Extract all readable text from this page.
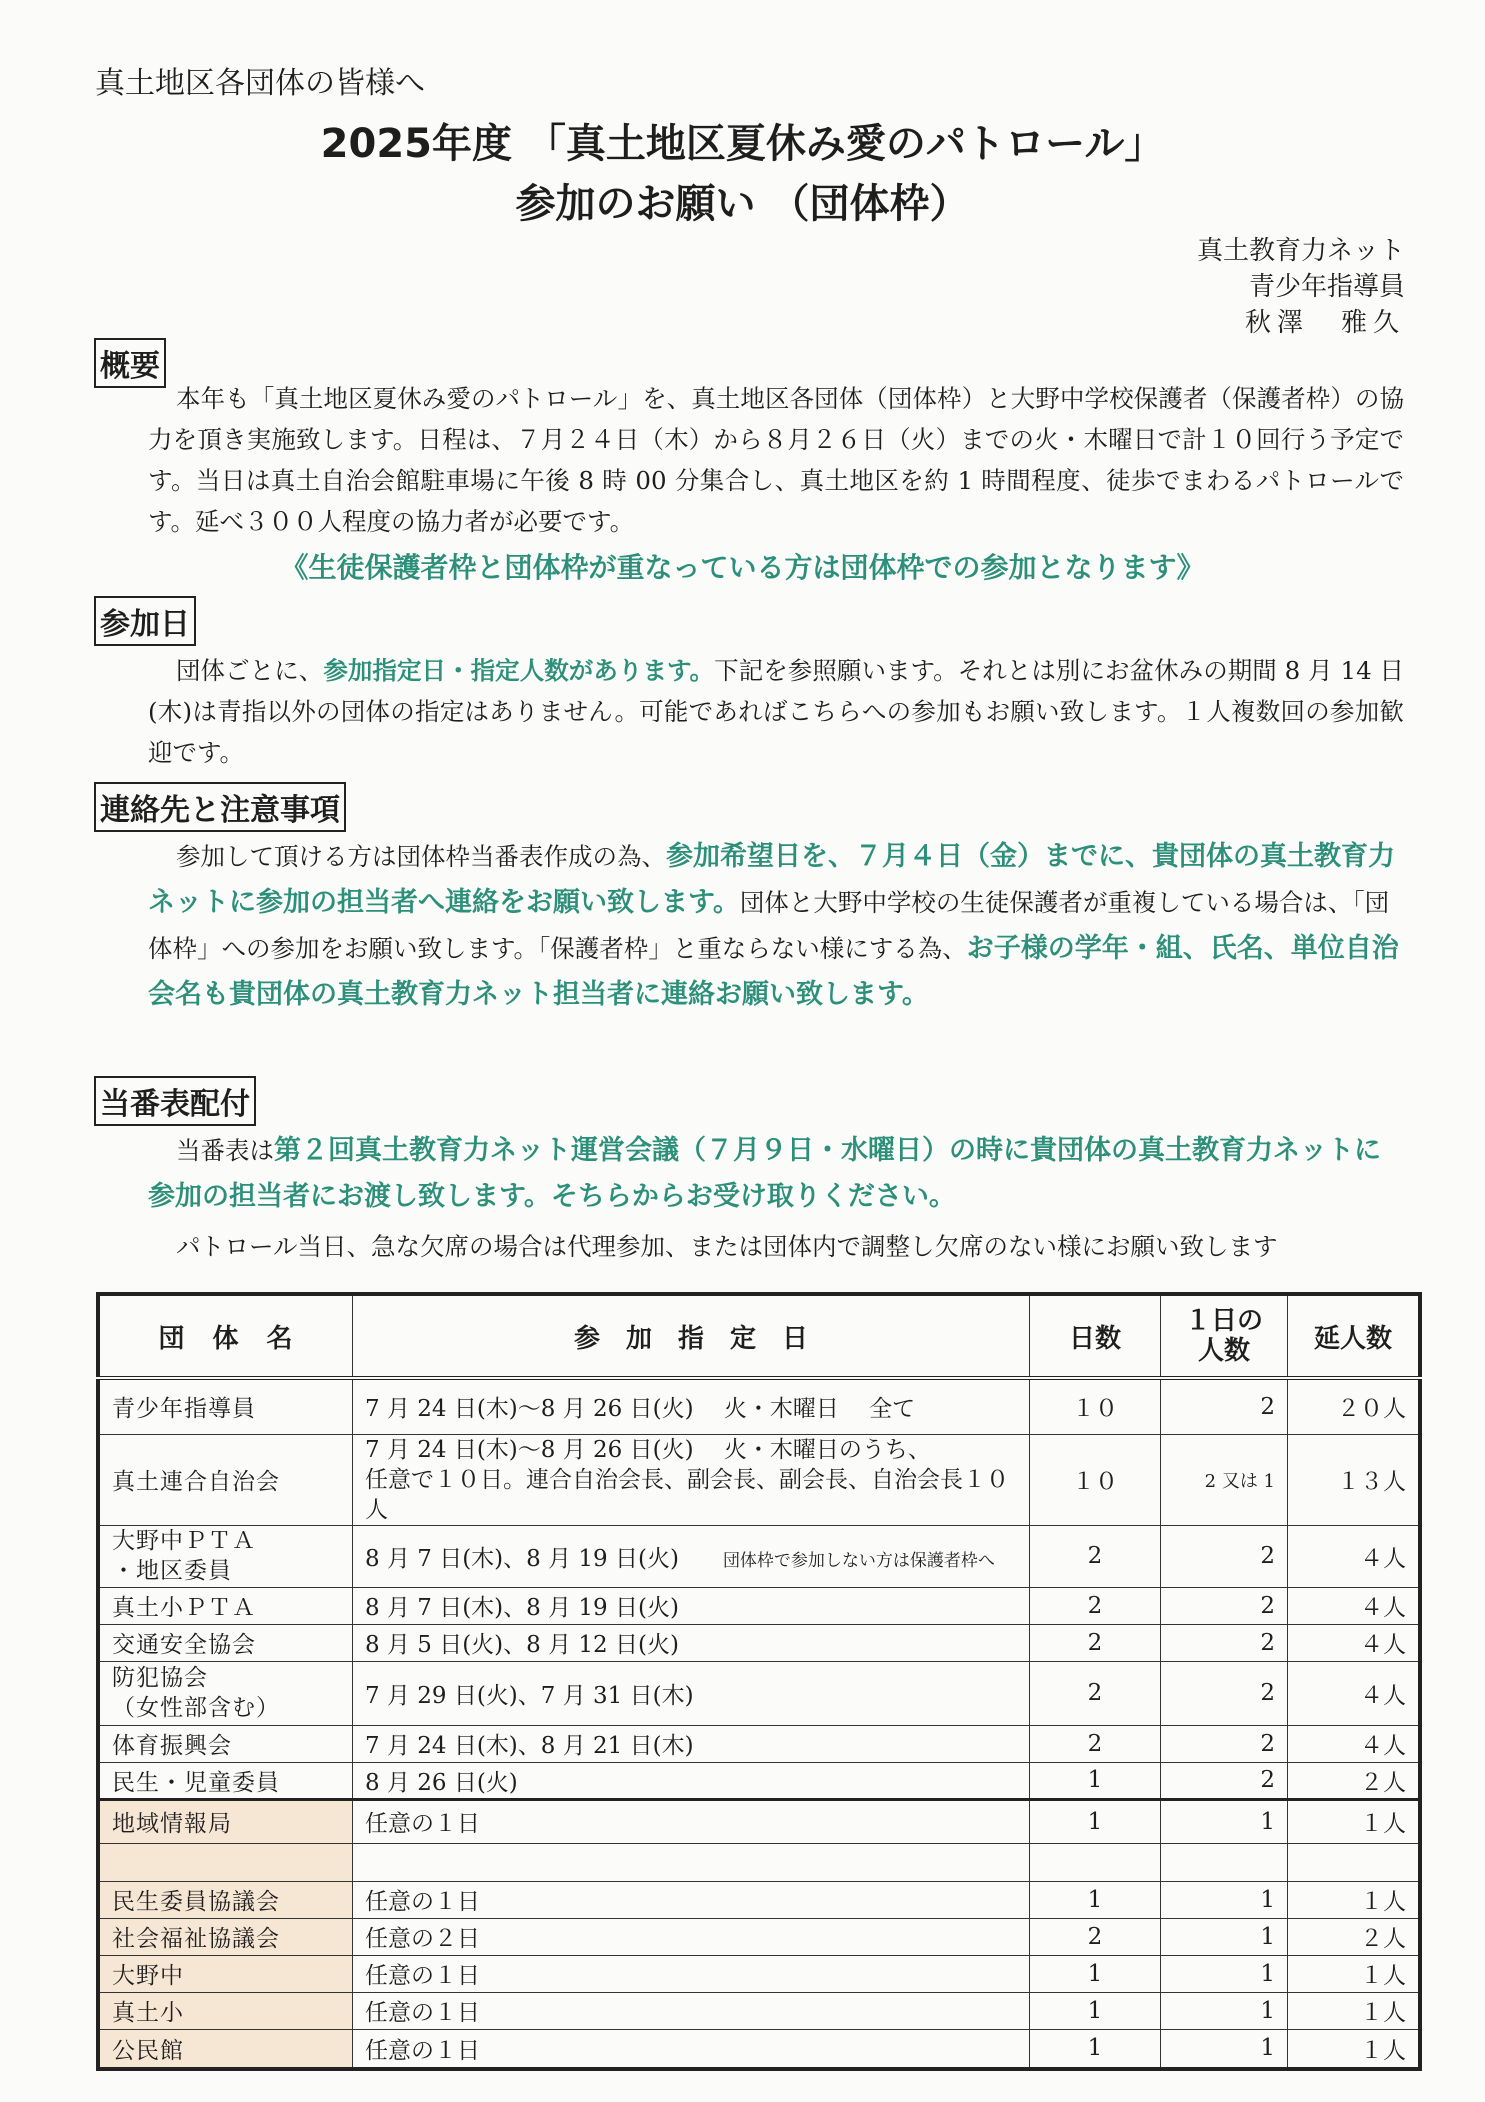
真土地区各団体の皆様へ
2025年度 「真土地区夏休み愛のパトロール」
参加のお願い （団体枠）
真土教育力ネット
青少年指導員
秋澤　雅久
概要
本年も「真土地区夏休み愛のパトロール」を、真土地区各団体（団体枠）と大野中学校保護者（保護者枠）の協力を頂き実施致します。日程は、７月２４日（木）から８月２６日（火）までの火・木曜日で計１０回行う予定です。当日は真土自治会館駐車場に午後 8 時 00 分集合し、真土地区を約 1 時間程度、徒歩でまわるパトロールです。延べ３００人程度の協力者が必要です。
《生徒保護者枠と団体枠が重なっている方は団体枠での参加となります》
参加日
団体ごとに、参加指定日・指定人数があります。下記を参照願います。それとは別にお盆休みの期間 8 月 14 日(木)は青指以外の団体の指定はありません。可能であればこちらへの参加もお願い致します。１人複数回の参加歓迎です。
連絡先と注意事項
参加して頂ける方は団体枠当番表作成の為、参加希望日を、７月４日（金）までに、貴団体の真土教育力ネットに参加の担当者へ連絡をお願い致します。団体と大野中学校の生徒保護者が重複している場合は、「団体枠」への参加をお願い致します。「保護者枠」と重ならない様にする為、お子様の学年・組、氏名、単位自治会名も貴団体の真土教育力ネット担当者に連絡お願い致します。
当番表配付
当番表は第２回真土教育力ネット運営会議（７月９日・水曜日）の時に貴団体の真土教育力ネットに参加の担当者にお渡し致します。そちらからお受け取りください。
パトロール当日、急な欠席の場合は代理参加、または団体内で調整し欠席のない様にお願い致します
団　体　名	参　加　指　定　日	日数	１日の
人数	延人数
青少年指導員	7 月 24 日(木)～8 月 26 日(火)　 火・木曜日　 全て	１０	2	２０人
真土連合自治会	7 月 24 日(木)～8 月 26 日(火)　 火・木曜日のうち、
任意で１０日。連合自治会長、副会長、副会長、自治会長１０人	１０	2 又は 1	１３人
大野中ＰＴＡ
・地区委員	8 月 7 日(木)、8 月 19 日(火) 団体枠で参加しない方は保護者枠へ	2	2	４人
真土小ＰＴＡ	8 月 7 日(木)、8 月 19 日(火)	2	2	４人
交通安全協会	8 月 5 日(火)、8 月 12 日(火)	2	2	４人
防犯協会
（女性部含む）	7 月 29 日(火)、7 月 31 日(木)	2	2	４人
体育振興会	7 月 24 日(木)、8 月 21 日(木)	2	2	４人
民生・児童委員	8 月 26 日(火)	1	2	２人
地域情報局	任意の１日	1	1	１人

民生委員協議会	任意の１日	1	1	１人
社会福祉協議会	任意の２日	2	1	２人
大野中	任意の１日	1	1	１人
真土小	任意の１日	1	1	１人
公民館	任意の１日	1	1	１人
